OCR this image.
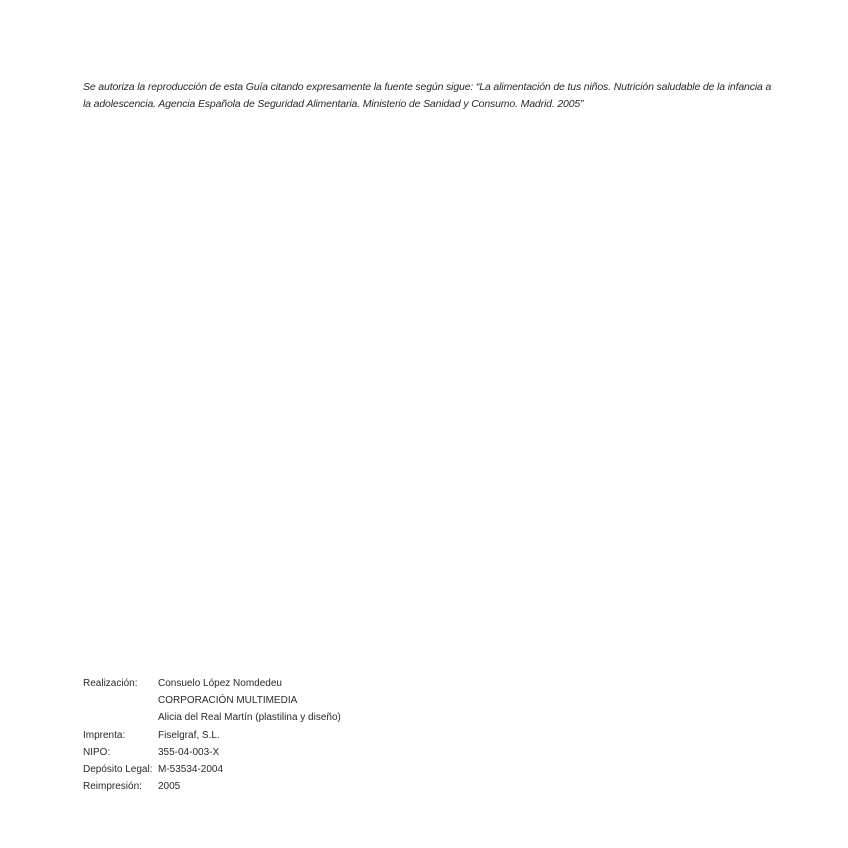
Se autoriza la reproducción de esta Guía citando expresamente la fuente según sigue: “La alimentación de tus niños. Nutrición saludable de la infancia a la adolescencia. Agencia Española de Seguridad Alimentaria. Ministerio de Sanidad y Consumo. Madrid. 2005”

Realización:	Consuelo López Nomdedeu
CORPORACIÓN MULTIMEDIA
Alicia del Real Martín (plastilina y diseño)
Imprenta:	Fiselgraf, S.L.
NIPO:	355-04-003-X
Depósito Legal: M-53534-2004
Reimpresión:	2005
